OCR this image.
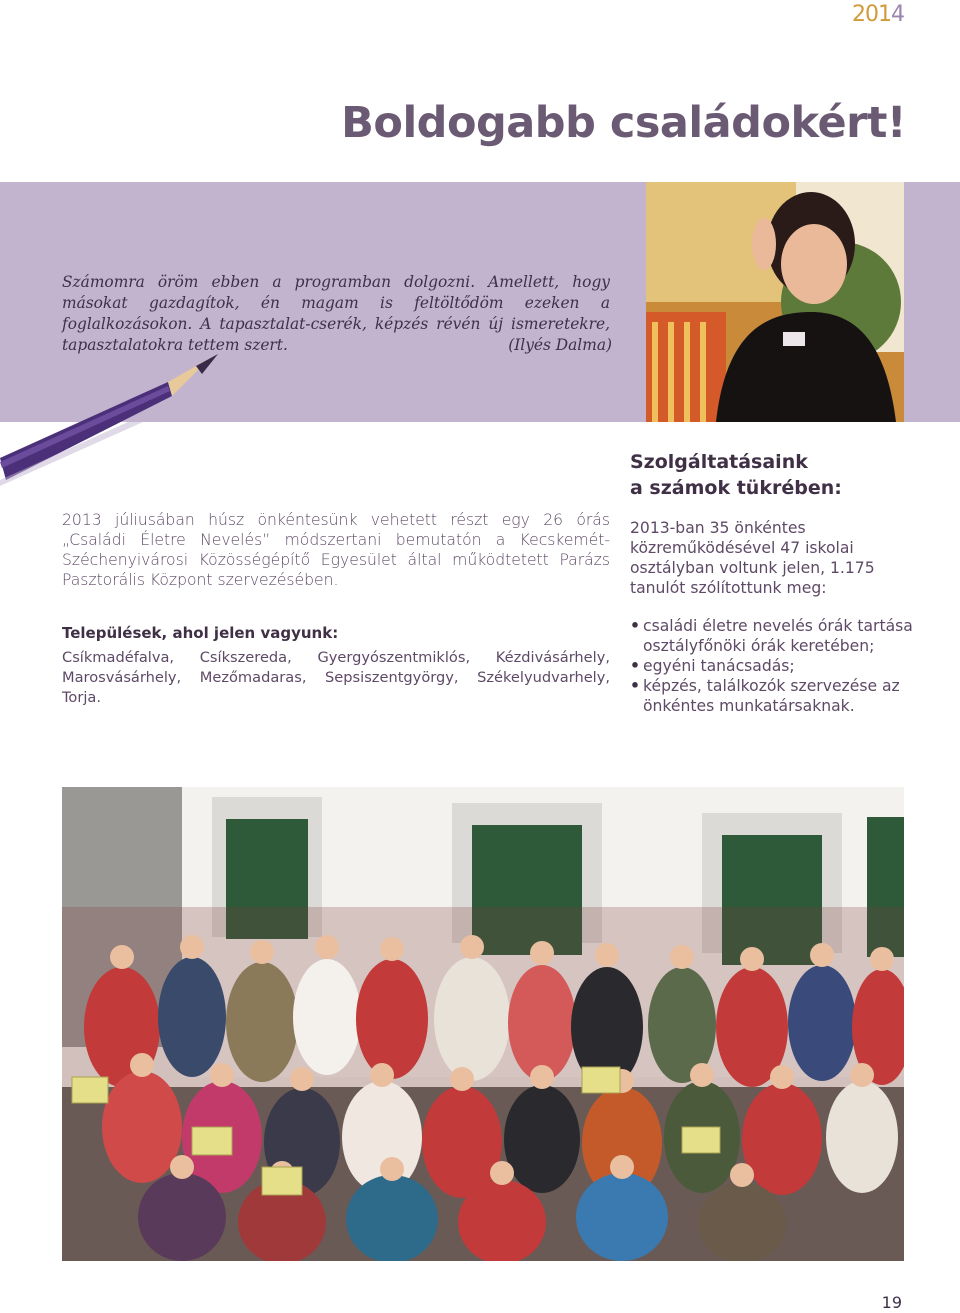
2014
Boldogabb családokért!
Számomra öröm ebben a programban dolgozni. Amellett, hogy másokat gazdagítok, én magam is feltöltődöm ezeken a foglalkozásokon. A tapasztalat-cserék, képzés révén új ismeretekre, tapasztalatokra tettem szert.	(Ilyés Dalma)
2013 júliusában húsz önkéntesünk vehetett részt egy 26 órás „Családi Életre Nevelés” módszertani bemutatón a Kecskemét-Széchenyivárosi Közösségépítő Egyesület által működtetett Parázs Pasztorális Központ szervezésében.
Települések, ahol jelen vagyunk:
Csíkmadéfalva, Csíkszereda, Gyergyószentmiklós, Kézdivásárhely, Marosvásárhely, Mezőmadaras, Sepsiszentgyörgy, Székelyudvarhely, Torja.
Szolgáltatásaink
a számok tükrében:
2013-ban 35 önkéntes közreműködésével 47 iskolai osztályban voltunk jelen, 1.175 tanulót szólítottunk meg:
• családi életre nevelés órák tartása osztályfőnöki órák keretében;
• egyéni tanácsadás;
• képzés, találkozók szervezése az önkéntes munkatársaknak.
19
